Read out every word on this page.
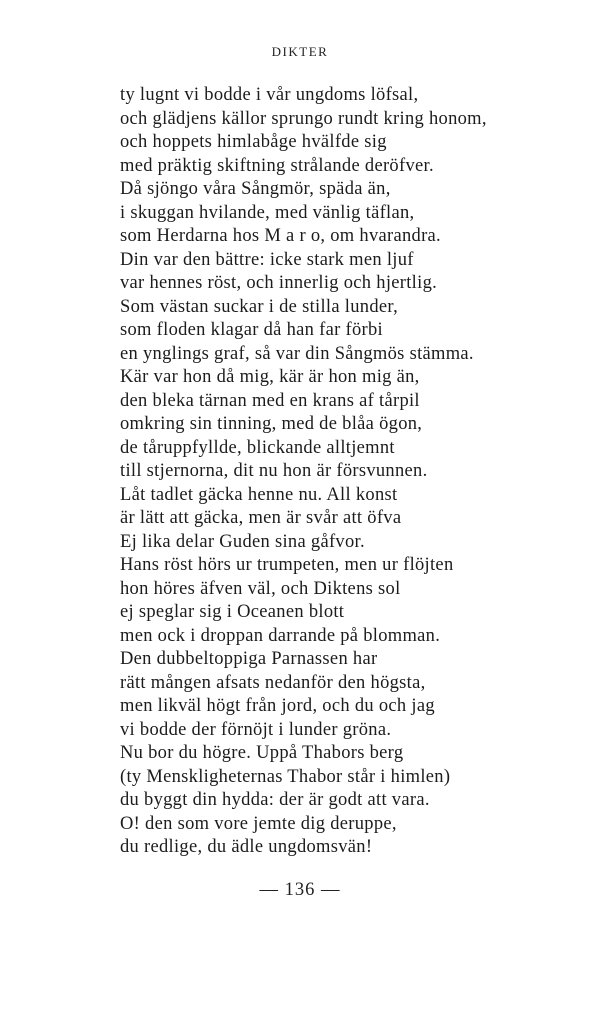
DIKTER
ty lugnt vi bodde i vår ungdoms löfsal,
och glädjens källor sprungo rundt kring honom,
och hoppets himlabåge hvälfde sig
med präktig skiftning strålande deröfver.
Då sjöngo våra Sångmör, späda än,
i skuggan hvilande, med vänlig täflan,
som Herdarna hos M a r o, om hvarandra.
Din var den bättre: icke stark men ljuf
var hennes röst, och innerlig och hjertlig.
Som västan suckar i de stilla lunder,
som floden klagar då han far förbi
en ynglings graf, så var din Sångmös stämma.
Kär var hon då mig, kär är hon mig än,
den bleka tärnan med en krans af tårpil
omkring sin tinning, med de blåa ögon,
de tåruppfyllde, blickande alltjemnt
till stjernorna, dit nu hon är försvunnen.
Låt tadlet gäcka henne nu. All konst
är lätt att gäcka, men är svår att öfva
Ej lika delar Guden sina gåfvor.
Hans röst hörs ur trumpeten, men ur flöjten
hon höres äfven väl, och Diktens sol
ej speglar sig i Oceanen blott
men ock i droppan darrande på blomman.
Den dubbeltoppiga Parnassen har
rätt mången afsats nedanför den högsta,
men likväl högt från jord, och du och jag
vi bodde der förnöjt i lunder gröna.
Nu bor du högre. Uppå Thabors berg
(ty Menskligheternas Thabor står i himlen)
du byggt din hydda: der är godt att vara.
O! den som vore jemte dig deruppe,
du redlige, du ädle ungdomsvän!
— 136 —
